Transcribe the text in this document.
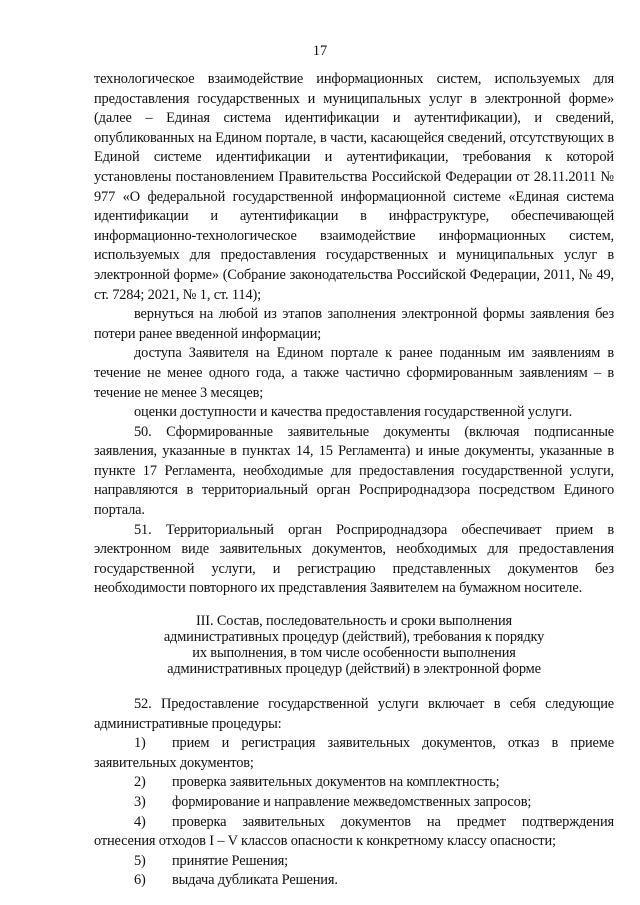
17

технологическое взаимодействие информационных систем, используемых для предоставления государственных и муниципальных услуг в электронной форме» (далее – Единая система идентификации и аутентификации), и сведений, опубликованных на Едином портале, в части, касающейся сведений, отсутствующих в Единой системе идентификации и аутентификации, требования к которой установлены постановлением Правительства Российской Федерации от 28.11.2011 № 977 «О федеральной государственной информационной системе «Единая система идентификации и аутентификации в инфраструктуре, обеспечивающей информационно-технологическое взаимодействие информационных систем, используемых для предоставления государственных и муниципальных услуг в электронной форме» (Собрание законодательства Российской Федерации, 2011, № 49, ст. 7284; 2021, № 1, ст. 114);

вернуться на любой из этапов заполнения электронной формы заявления без потери ранее введенной информации;

доступа Заявителя на Едином портале к ранее поданным им заявлениям в течение не менее одного года, а также частично сформированным заявлениям – в течение не менее 3 месяцев;

оценки доступности и качества предоставления государственной услуги.

50. Сформированные заявительные документы (включая подписанные заявления, указанные в пунктах 14, 15 Регламента) и иные документы, указанные в пункте 17 Регламента, необходимые для предоставления государственной услуги, направляются в территориальный орган Росприроднадзора посредством Единого портала.

51. Территориальный орган Росприроднадзора обеспечивает прием в электронном виде заявительных документов, необходимых для предоставления государственной услуги, и регистрацию представленных документов без необходимости повторного их представления Заявителем на бумажном носителе.

III. Состав, последовательность и сроки выполнения
административных процедур (действий), требования к порядку
их выполнения, в том числе особенности выполнения
административных процедур (действий) в электронной форме

52. Предоставление государственной услуги включает в себя следующие административные процедуры:

1) прием и регистрация заявительных документов, отказ в приеме заявительных документов;

2) проверка заявительных документов на комплектность;

3) формирование и направление межведомственных запросов;

4) проверка заявительных документов на предмет подтверждения отнесения отходов I – V классов опасности к конкретному классу опасности;

5) принятие Решения;

6) выдача дубликата Решения.
